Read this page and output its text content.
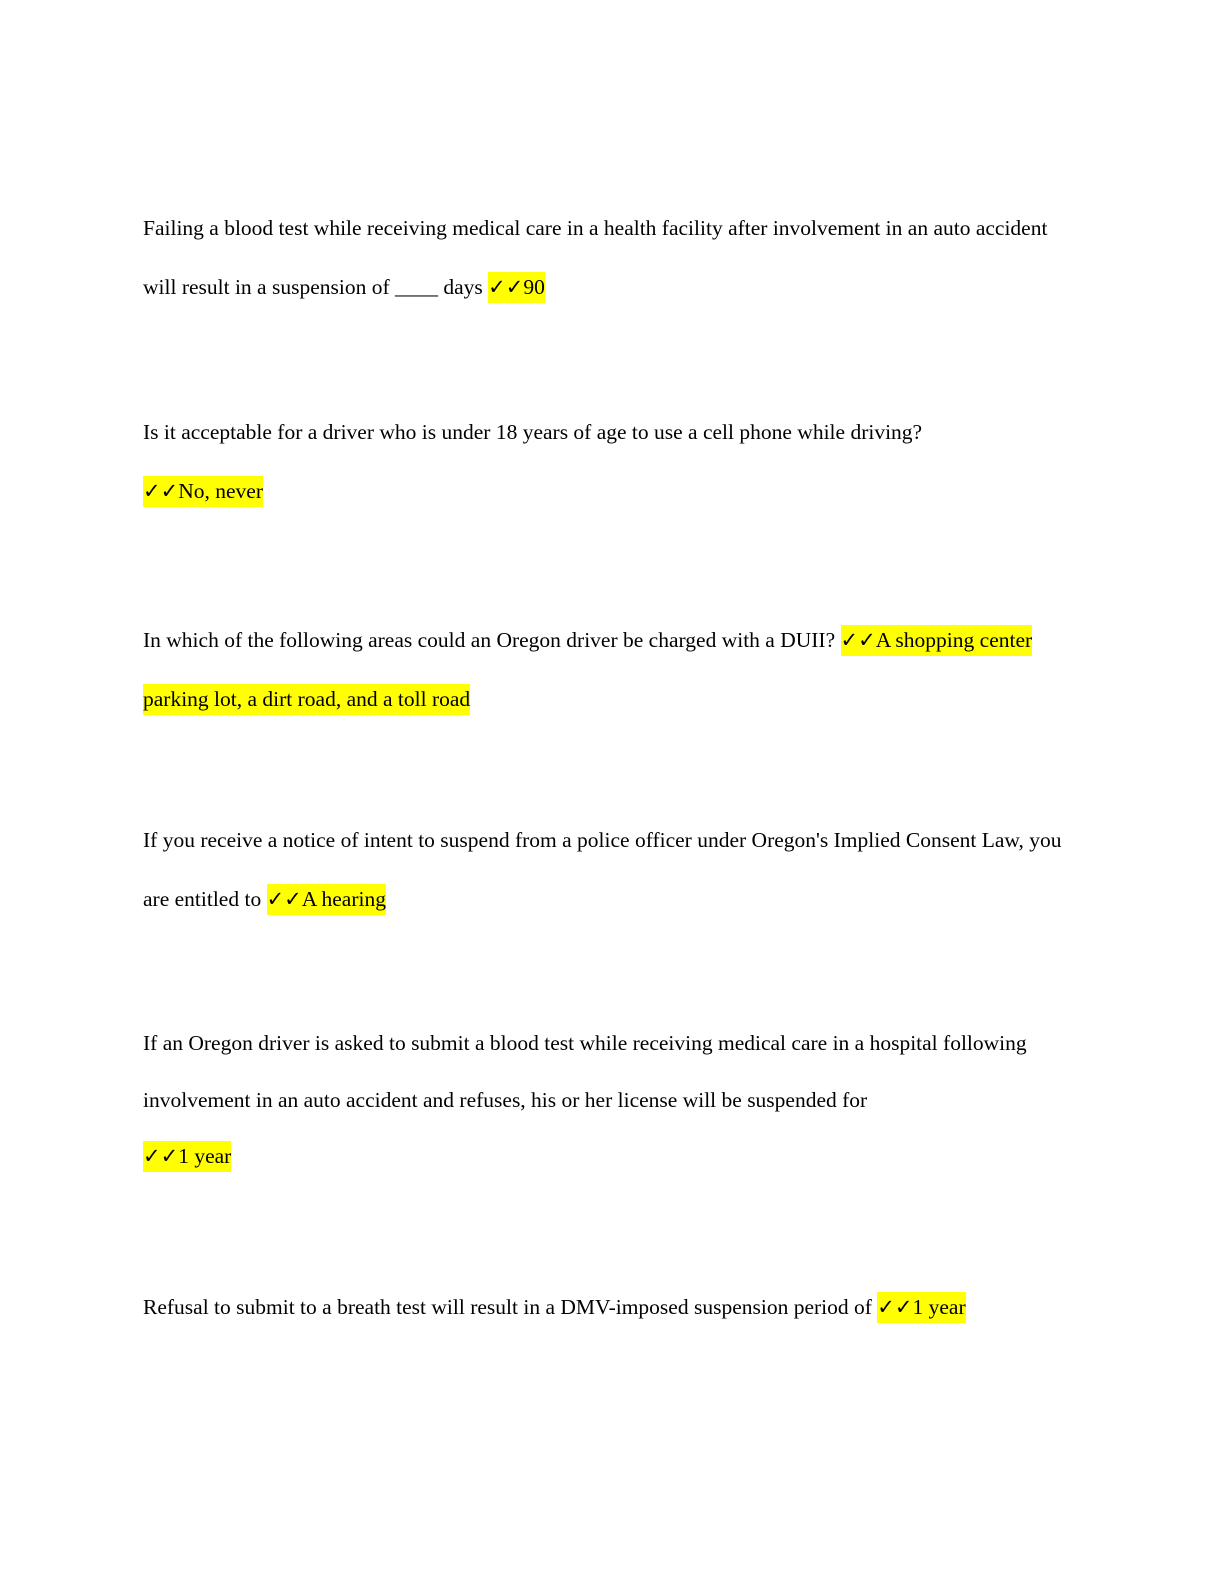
Failing a blood test while receiving medical care in a health facility after involvement in an auto accident will result in a suspension of ____ days ✓✓90

Is it acceptable for a driver who is under 18 years of age to use a cell phone while driving?
✓✓No, never

In which of the following areas could an Oregon driver be charged with a DUII? ✓✓A shopping center parking lot, a dirt road, and a toll road

If you receive a notice of intent to suspend from a police officer under Oregon's Implied Consent Law, you are entitled to ✓✓A hearing

If an Oregon driver is asked to submit a blood test while receiving medical care in a hospital following involvement in an auto accident and refuses, his or her license will be suspended for
✓✓1 year

Refusal to submit to a breath test will result in a DMV-imposed suspension period of ✓✓1 year
